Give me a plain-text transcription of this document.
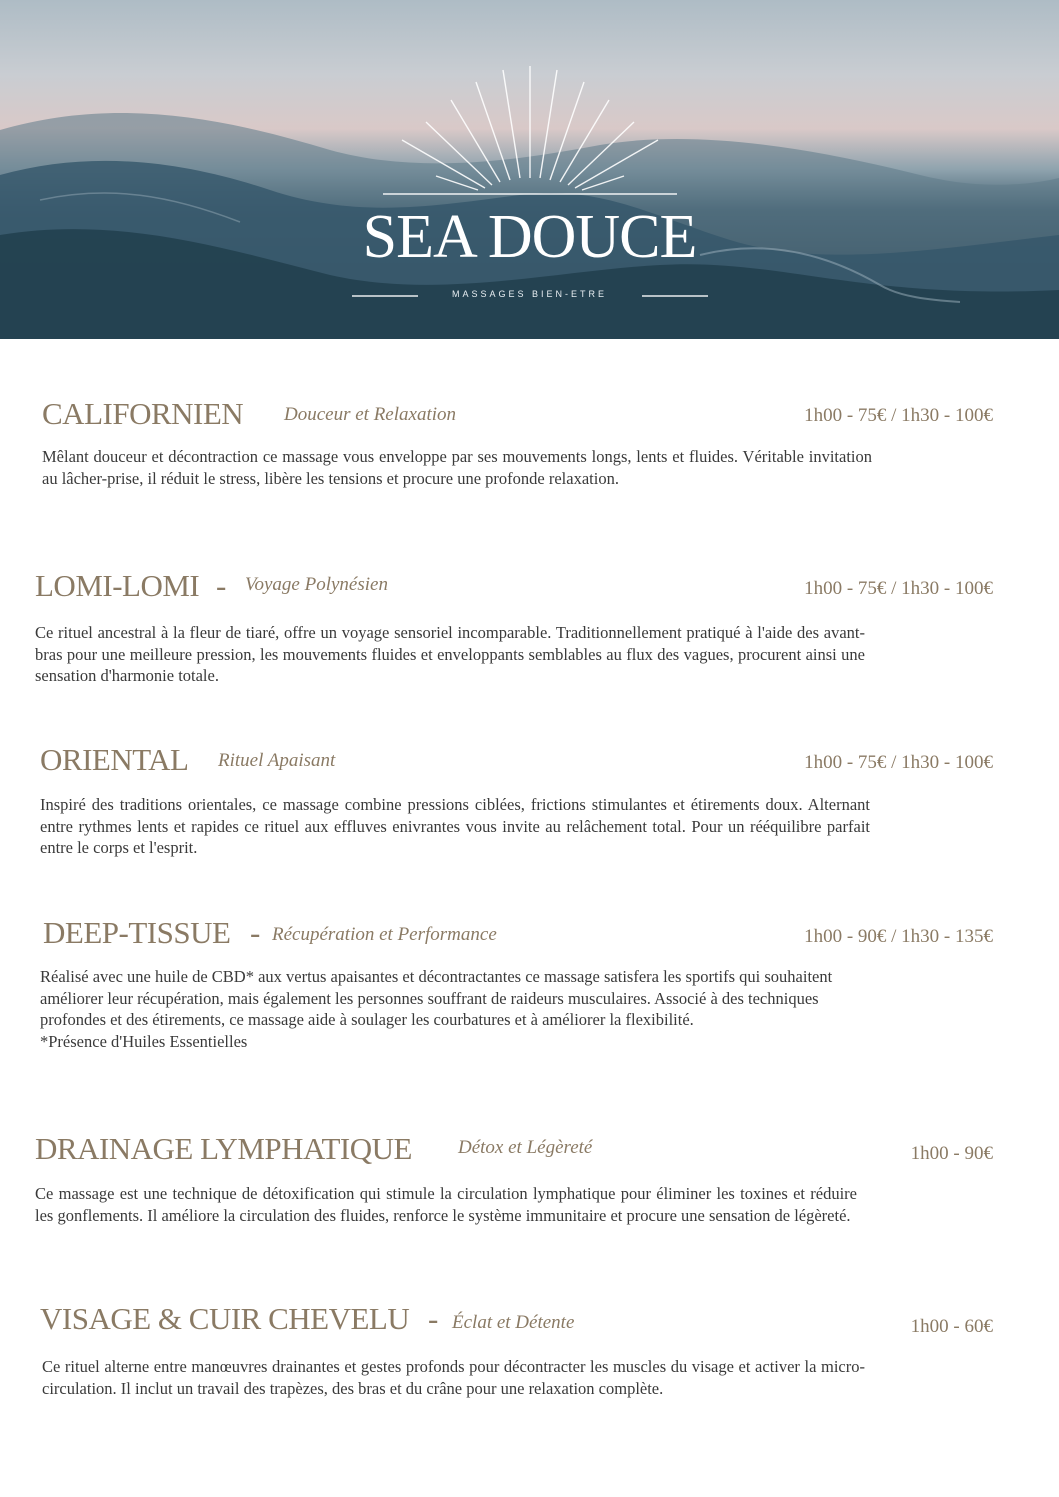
SEA DOUCE
MASSAGES BIEN-ETRE
CALIFORNIEN Douceur et Relaxation	1h00 - 75€ / 1h30 - 100€

Mêlant douceur et décontraction ce massage vous enveloppe par ses mouvements longs, lents et fluides. Véritable invitation au lâcher-prise, il réduit le stress, libère les tensions et procure une profonde relaxation.

LOMI-LOMI - Voyage Polynésien	1h00 - 75€ / 1h30 - 100€

Ce rituel ancestral à la fleur de tiaré, offre un voyage sensoriel incomparable. Traditionnellement pratiqué à l'aide des avant-bras pour une meilleure pression, les mouvements fluides et enveloppants semblables au flux des vagues, procurent ainsi une sensation d'harmonie totale.

ORIENTAL Rituel Apaisant	1h00 - 75€ / 1h30 - 100€

Inspiré des traditions orientales, ce massage combine pressions ciblées, frictions stimulantes et étirements doux. Alternant entre rythmes lents et rapides ce rituel aux effluves enivrantes vous invite au relâchement total. Pour un rééquilibre parfait entre le corps et l'esprit.

DEEP-TISSUE - Récupération et Performance	1h00 - 90€ / 1h30 - 135€

Réalisé avec une huile de CBD* aux vertus apaisantes et décontractantes ce massage satisfera les sportifs qui souhaitent améliorer leur récupération, mais également les personnes souffrant de raideurs musculaires. Associé à des techniques profondes et des étirements, ce massage aide à soulager les courbatures et à améliorer la flexibilité.
*Présence d'Huiles Essentielles

DRAINAGE LYMPHATIQUE Détox et Légèreté	1h00 - 90€

Ce massage est une technique de détoxification qui stimule la circulation lymphatique pour éliminer les toxines et réduire les gonflements. Il améliore la circulation des fluides, renforce le système immunitaire et procure une sensation de légèreté.

VISAGE & CUIR CHEVELU - Éclat et Détente	1h00 - 60€

Ce rituel alterne entre manœuvres drainantes et gestes profonds pour décontracter les muscles du visage et activer la micro-circulation. Il inclut un travail des trapèzes, des bras et du crâne pour une relaxation complète.
